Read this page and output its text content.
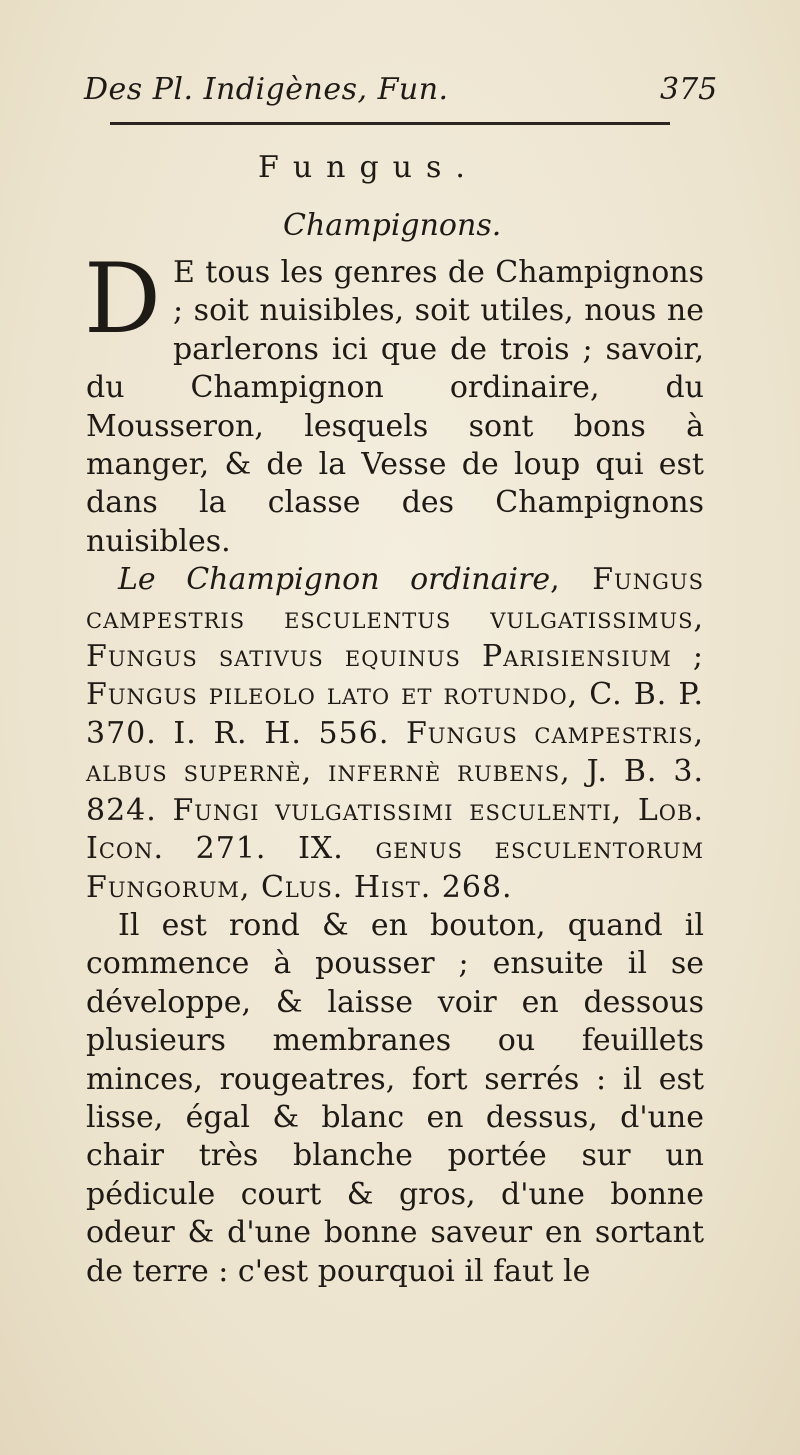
Des Pl. Indigènes, Fun.	375
Fungus.
Champignons.

D E tous les genres de Champignons ; soit nuisibles, soit utiles, nous ne parlerons ici que de trois ; savoir, du Champignon ordinaire, du Mousseron, lesquels sont bons à manger, & de la Vesse de loup qui est dans la classe des Champignons nuisibles.

Le Champignon ordinaire, Fungus campestris esculentus vulgatissimus, Fungus sativus equinus Parisiensium ; Fungus pileolo lato et rotundo, C. B. P. 370. I. R. H. 556. Fungus campestris, albus supernè, infernè rubens, J. B. 3. 824. Fungi vulgatissimi esculenti, Lob. Icon. 271. IX. genus esculentorum Fungorum, Clus. Hist. 268.

Il est rond & en bouton, quand il commence à pousser ; ensuite il se développe, & laisse voir en dessous plusieurs membranes ou feuillets minces, rougeatres, fort serrés : il est lisse, égal & blanc en dessus, d'une chair très blanche portée sur un pédicule court & gros, d'une bonne odeur & d'une bonne saveur en sortant de terre : c'est pourquoi il faut le
